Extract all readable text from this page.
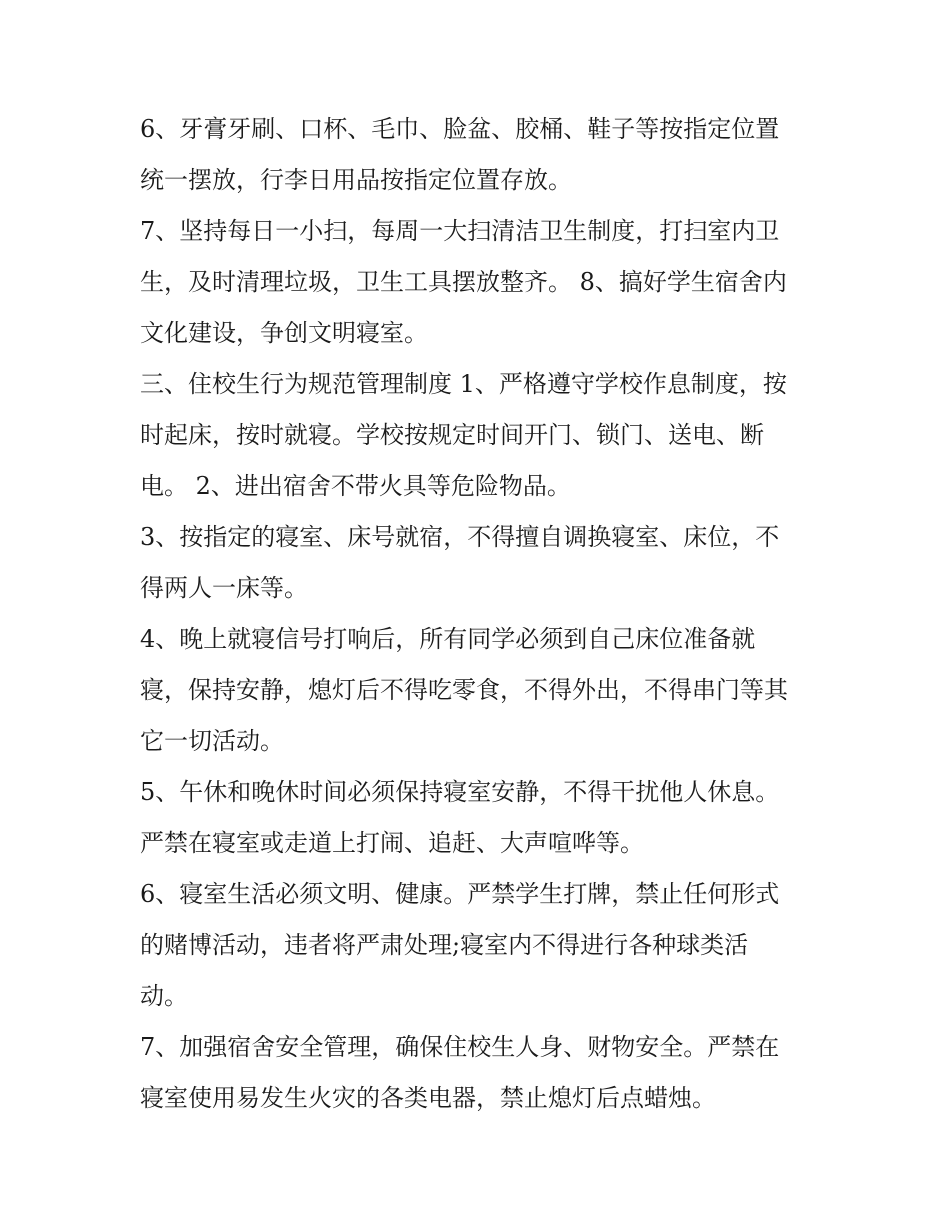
6、牙膏牙刷、口杯、毛巾、脸盆、胶桶、鞋子等按指定位置
统一摆放，行李日用品按指定位置存放。
7、坚持每日一小扫，每周一大扫清洁卫生制度，打扫室内卫
生，及时清理垃圾，卫生工具摆放整齐。 8、搞好学生宿舍内
文化建设，争创文明寝室。
三、住校生行为规范管理制度 1、严格遵守学校作息制度，按
时起床，按时就寝。学校按规定时间开门、锁门、送电、断
电。 2、进出宿舍不带火具等危险物品。
3、按指定的寝室、床号就宿，不得擅自调换寝室、床位，不
得两人一床等。
4、晚上就寝信号打响后，所有同学必须到自己床位准备就
寝，保持安静，熄灯后不得吃零食，不得外出，不得串门等其
它一切活动。
5、午休和晚休时间必须保持寝室安静，不得干扰他人休息。
严禁在寝室或走道上打闹、追赶、大声喧哗等。
6、寝室生活必须文明、健康。严禁学生打牌，禁止任何形式
的赌博活动，违者将严肃处理;寝室内不得进行各种球类活
动。
7、加强宿舍安全管理，确保住校生人身、财物安全。严禁在
寝室使用易发生火灾的各类电器，禁止熄灯后点蜡烛。
